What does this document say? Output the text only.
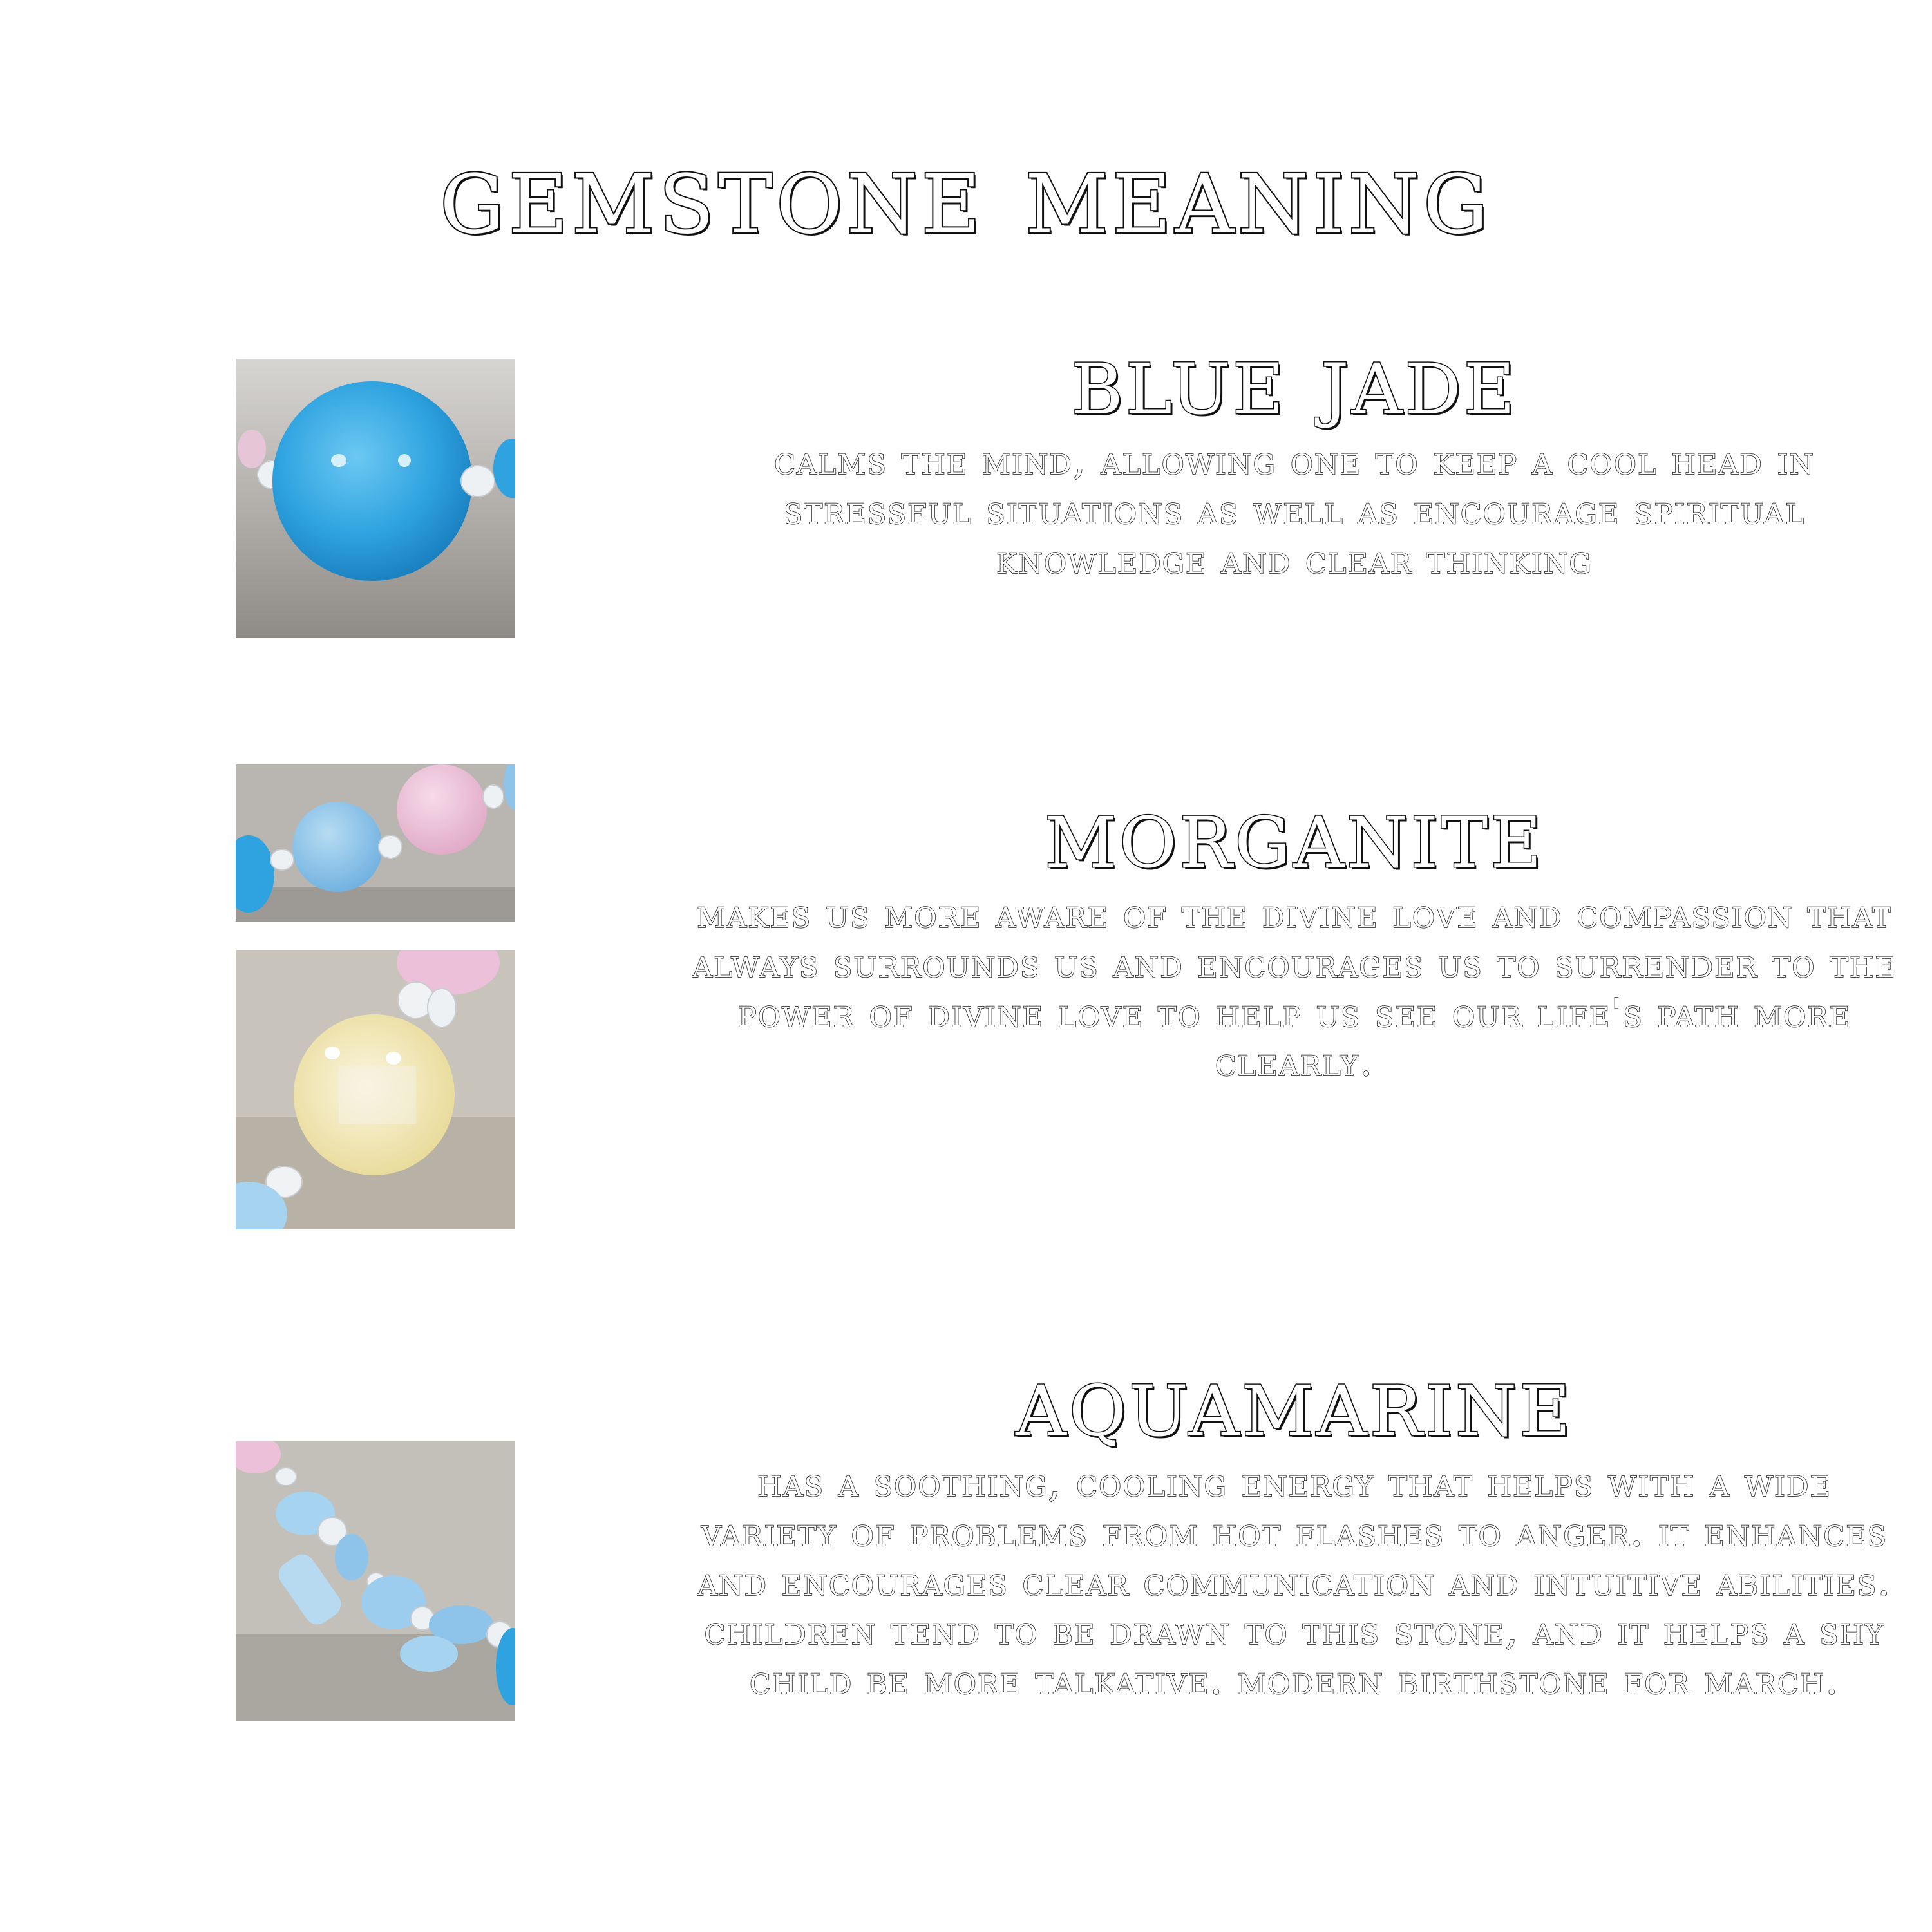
gemstone meaning
blue jade

calms the mind, allowing one to keep a cool head in stressful situations as well as encourage spiritual knowledge and clear thinking

morganite

makes us more aware of the divine love and compassion that always surrounds us and encourages us to surrender to the power of divine love to help us see our life's path more clearly.

aquamarine

has a soothing, cooling energy that helps with a wide variety of problems from hot flashes to anger. it enhances and encourages clear communication and intuitive abilities. children tend to be drawn to this stone, and it helps a shy child be more talkative. modern birthstone for march.
